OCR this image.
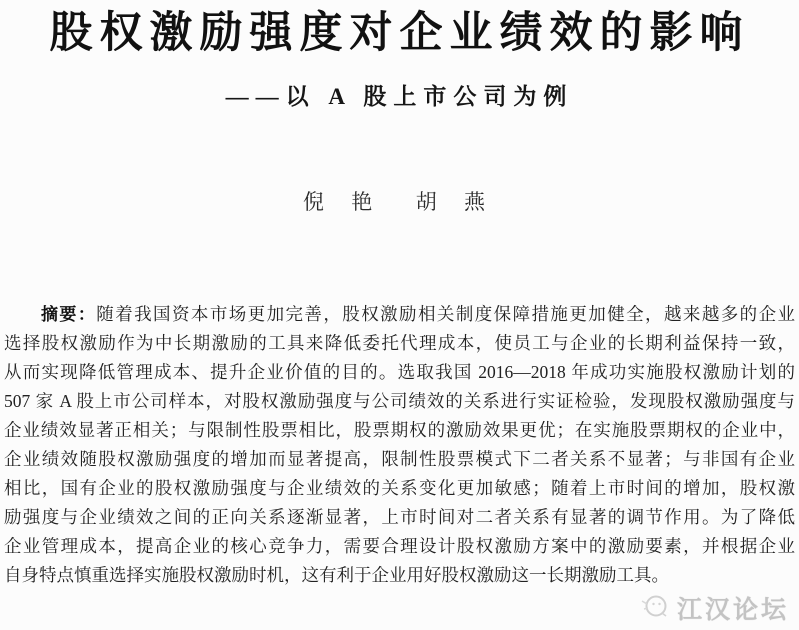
股权激励强度对企业绩效的影响
——以 A 股上市公司为例
倪 艳  胡 燕
摘要：随着我国资本市场更加完善，股权激励相关制度保障措施更加健全，越来越多的企业
选择股权激励作为中长期激励的工具来降低委托代理成本，使员工与企业的长期利益保持一致，
从而实现降低管理成本、提升企业价值的目的。选取我国 2016—2018 年成功实施股权激励计划的
507 家 A 股上市公司样本，对股权激励强度与公司绩效的关系进行实证检验，发现股权激励强度与
企业绩效显著正相关；与限制性股票相比，股票期权的激励效果更优；在实施股票期权的企业中，
企业绩效随股权激励强度的增加而显著提高，限制性股票模式下二者关系不显著；与非国有企业
相比，国有企业的股权激励强度与企业绩效的关系变化更加敏感；随着上市时间的增加，股权激
励强度与企业绩效之间的正向关系逐渐显著，上市时间对二者关系有显著的调节作用。为了降低
企业管理成本，提高企业的核心竞争力，需要合理设计股权激励方案中的激励要素，并根据企业
自身特点慎重选择实施股权激励时机，这有利于企业用好股权激励这一长期激励工具。
江汉论坛
